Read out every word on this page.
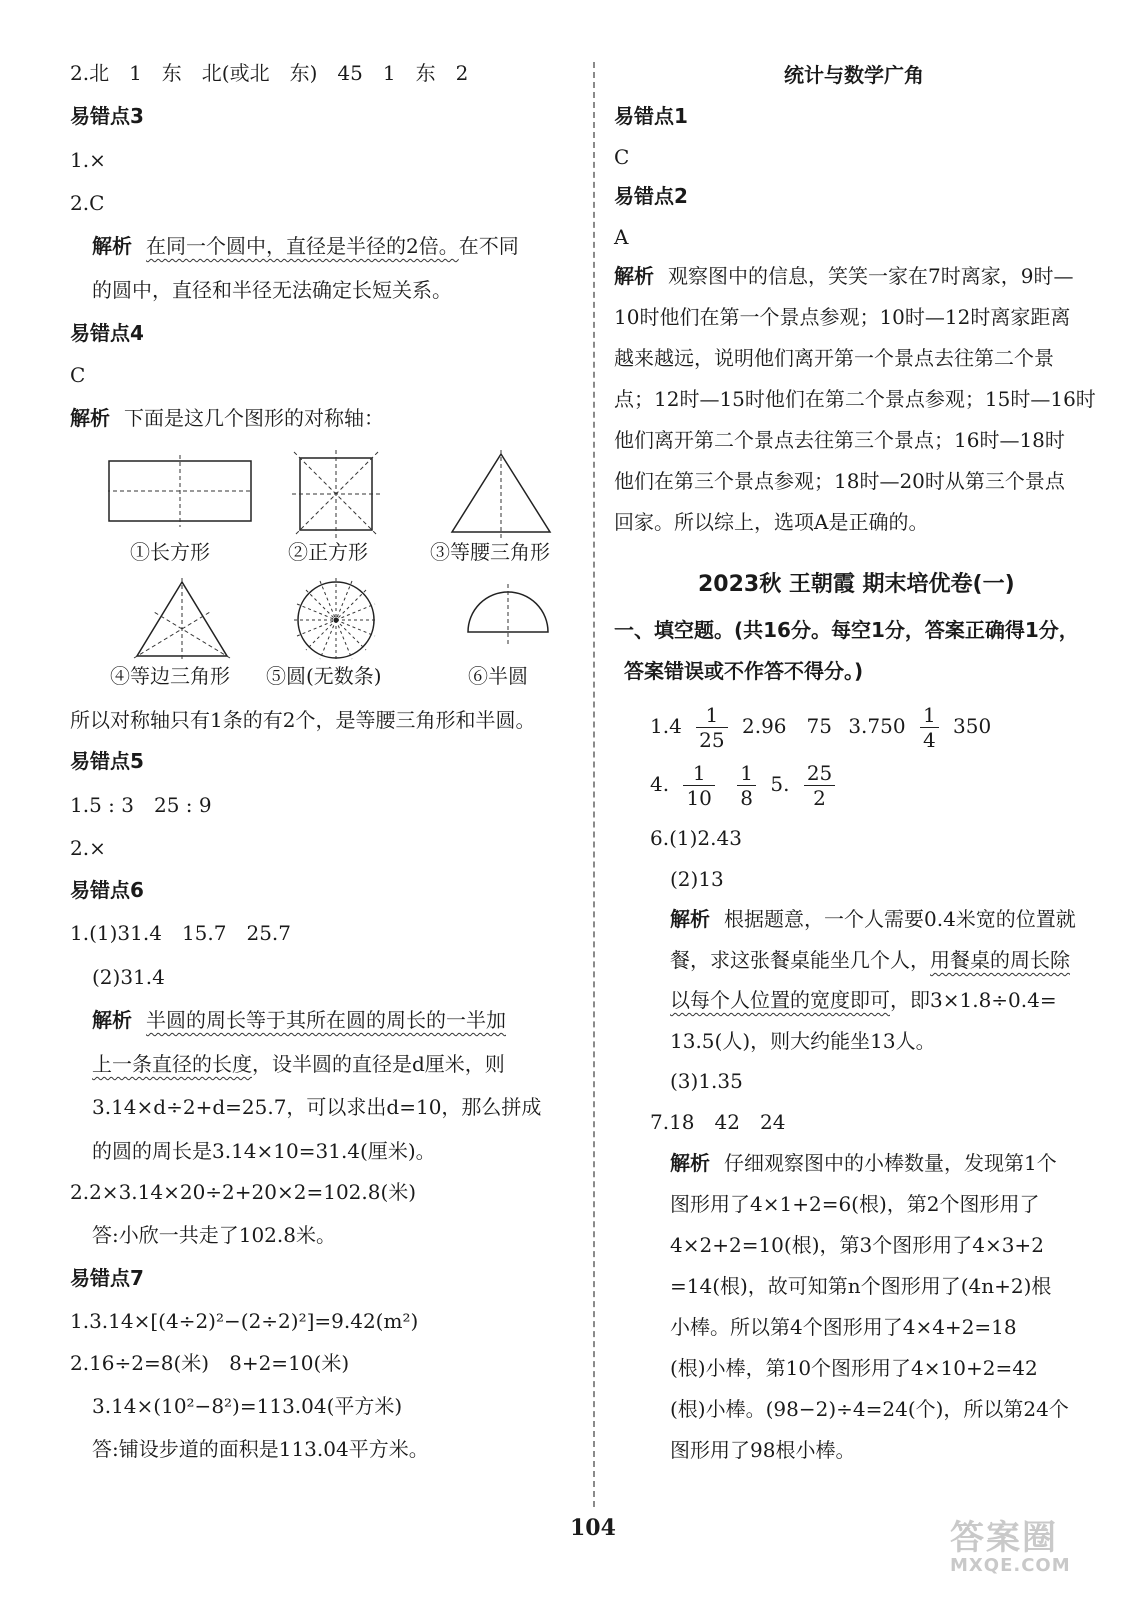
2.北　1　东　北(或北　东)　45　1　东　2
易错点3
1.×
2.C
解析 在同一个圆中，直径是半径的2倍。在不同
的圆中，直径和半径无法确定长短关系。
易错点4
C
解析 下面是这几个图形的对称轴：
①长方形	②正方形	③等腰三角形
④等边三角形 ⑤圆(无数条)	⑥半圆
所以对称轴只有1条的有2个，是等腰三角形和半圆。
易错点5
1.5 : 3　25 : 9
2.×
易错点6
1.(1)31.4　15.7　25.7
(2)31.4
解析 半圆的周长等于其所在圆的周长的一半加
上一条直径的长度，设半圆的直径是d厘米，则
3.14×d÷2+d=25.7，可以求出d=10，那么拼成
的圆的周长是3.14×10=31.4(厘米)。
2.2×3.14×20÷2+20×2=102.8(米)
答:小欣一共走了102.8米。
易错点7
1.3.14×[(4÷2)²−(2÷2)²]=9.42(m²)
2.16÷2=8(米)　8+2=10(米)
3.14×(10²−8²)=113.04(平方米)
答:铺设步道的面积是113.04平方米。
统计与数学广角
易错点1
C
易错点2
A
解析 观察图中的信息，笑笑一家在7时离家，9时—
10时他们在第一个景点参观；10时—12时离家距离
越来越远，说明他们离开第一个景点去往第二个景
点；12时—15时他们在第二个景点参观；15时—16时
他们离开第二个景点去往第三个景点；16时—18时
他们在第三个景点参观；18时—20时从第三个景点
回家。所以综上，选项A是正确的。
2023秋 王朝霞 期末培优卷(一)
一、填空题。(共16分。每空1分，答案正确得1分，
答案错误或不作答不得分。)
$1.4 \frac{1}{25} 2.96$　75 $3.750 \frac{1}{4} 350$
4. $\frac{1}{10}$
$\frac{1}{8} 5$. $\frac{25}{2}$
6.(1)2.43
(2)13
解析 根据题意，一个人需要0.4米宽的位置就
餐，求这张餐桌能坐几个人，用餐桌的周长除
以每个人位置的宽度即可，即3×1.8÷0.4=
13.5(人)，则大约能坐13人。
(3)1.35
7.18　42　24
解析 仔细观察图中的小棒数量，发现第1个
图形用了4×1+2=6(根)，第2个图形用了
4×2+2=10(根)，第3个图形用了4×3+2
=14(根)，故可知第n个图形用了(4n+2)根
小棒。所以第4个图形用了4×4+2=18
(根)小棒，第10个图形用了4×10+2=42
(根)小棒。(98−2)÷4=24(个)，所以第24个
图形用了98根小棒。
104	答案圈
MXQE.COM
